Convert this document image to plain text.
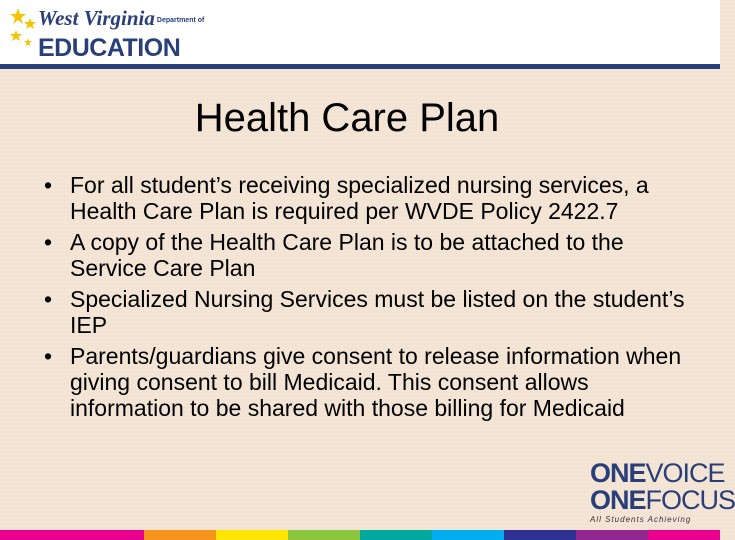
West Virginia Department of
EDUCATION
Health Care Plan
• For all student’s receiving specialized nursing services, a Health Care Plan is required per WVDE Policy 2422.7
• A copy of the Health Care Plan is to be attached to the Service Care Plan
• Specialized Nursing Services must be listed on the student’s IEP
• Parents/guardians give consent to release information when giving consent to bill Medicaid. This consent allows information to be shared with those billing for Medicaid
ONEVOICE
ONEFOCUS
All Students Achieving
